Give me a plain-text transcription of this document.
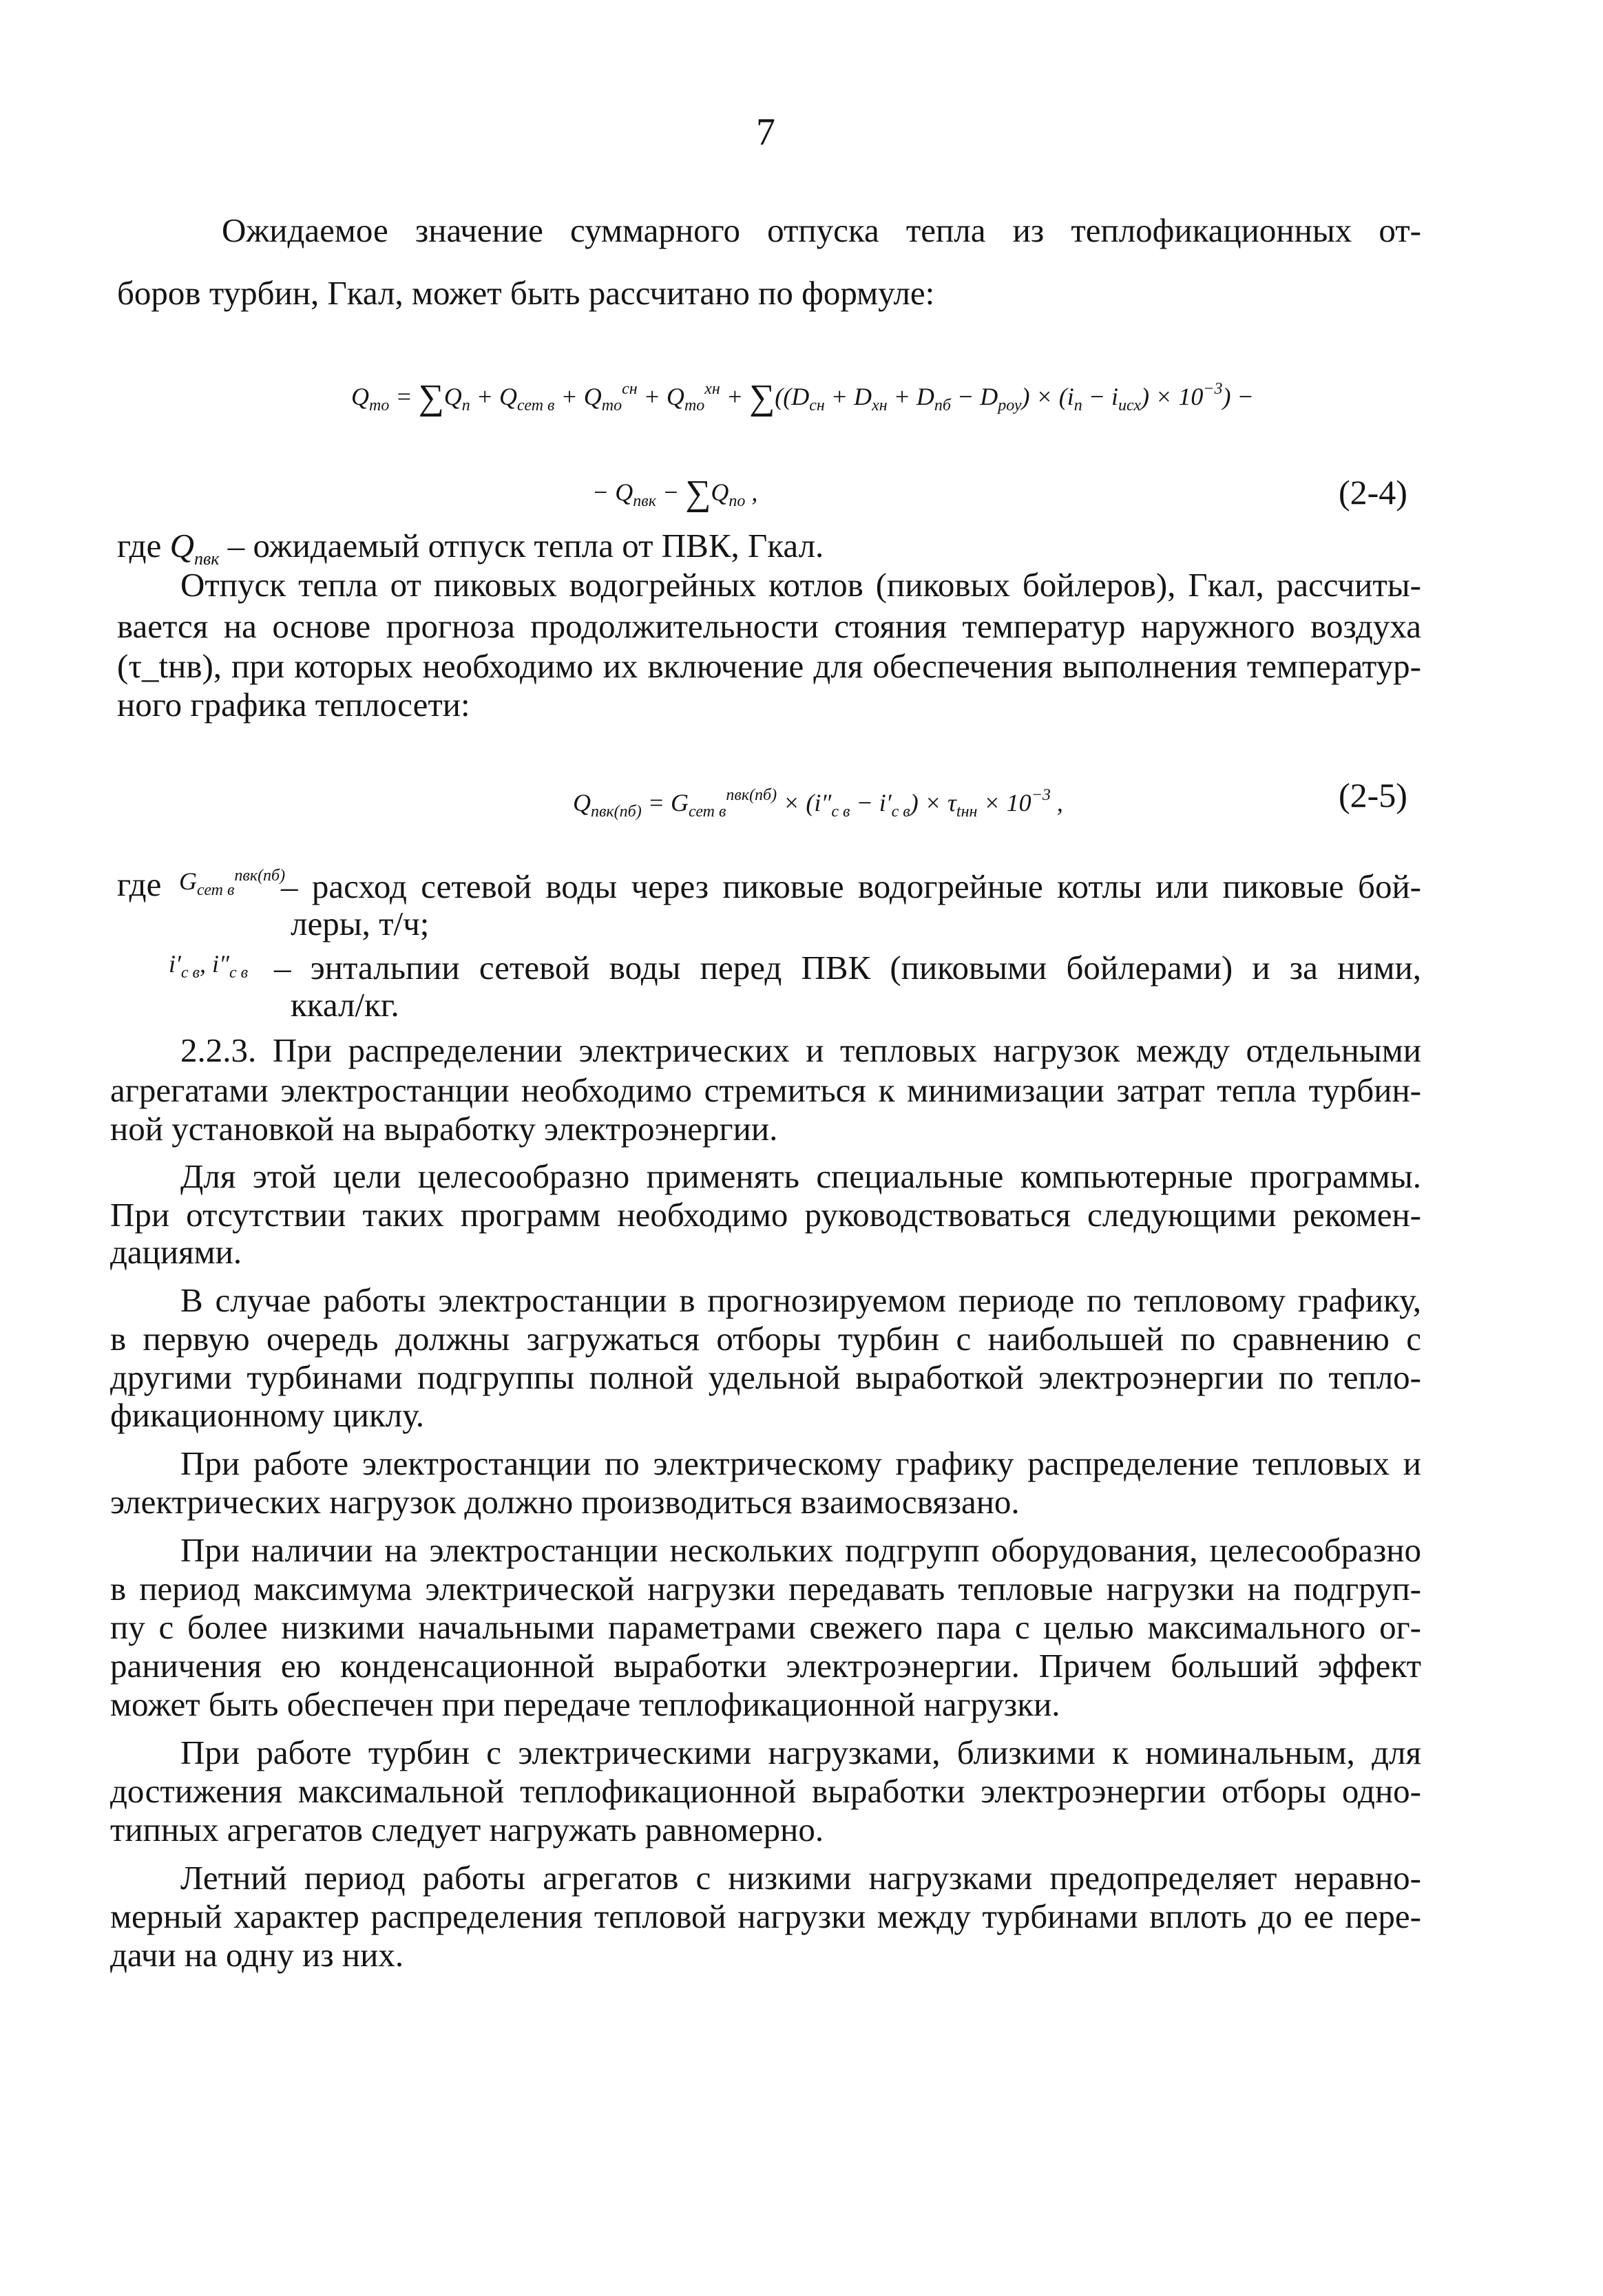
7
Ожидаемое значение суммарного отпуска тепла из теплофикационных от-
боров турбин, Гкал, может быть рассчитано по формуле:
$Q_{то} = \sum Q_п + Q_{сет в} + Q_{то}^{сн} + Q_{то}^{хн} + \sum((D_{сн} + D_{хн} + D_{пб} - D_{роу}) \times (i_п - i_{исх}) \times 10^{-3})$ −
− $Q_{пвк} - \sum Q_{по}$ ,	(2-4)
где $Q_{пвк}$ – ожидаемый отпуск тепла от ПВК, Гкал.
Отпуск тепла от пиковых водогрейных котлов (пиковых бойлеров), Гкал, рассчиты-
вается на основе прогноза продолжительности стояния температур наружного воздуха
(τ_tнв), при которых необходимо их включение для обеспечения выполнения температур-
ного графика теплосети:
$Q_{пвк(пб)} = G_{сет в}^{пвк(пб)} \times (i''_{с в} - i'_{с в}) \times \tau_{tнн} \times 10^{-3}$ ,	(2-5)
где $G_{сет в}^{пвк(пб)}$
– расход сетевой воды через пиковые водогрейные котлы или пиковые бой-
леры, т/ч;
$i'_{с в}$, $i''_{с в}$ – энтальпии сетевой воды перед ПВК (пиковыми бойлерами) и за ними,
ккал/кг.
2.2.3. При распределении электрических и тепловых нагрузок между отдельными
агрегатами электростанции необходимо стремиться к минимизации затрат тепла турбин-
ной установкой на выработку электроэнергии.
Для этой цели целесообразно применять специальные компьютерные программы.
При отсутствии таких программ необходимо руководствоваться следующими рекомен-
дациями.
В случае работы электростанции в прогнозируемом периоде по тепловому графику,
в первую очередь должны загружаться отборы турбин с наибольшей по сравнению с
другими турбинами подгруппы полной удельной выработкой электроэнергии по тепло-
фикационному циклу.
При работе электростанции по электрическому графику распределение тепловых и
электрических нагрузок должно производиться взаимосвязано.
При наличии на электростанции нескольких подгрупп оборудования, целесообразно
в период максимума электрической нагрузки передавать тепловые нагрузки на подгруп-
пу с более низкими начальными параметрами свежего пара с целью максимального ог-
раничения ею конденсационной выработки электроэнергии. Причем больший эффект
может быть обеспечен при передаче теплофикационной нагрузки.
При работе турбин с электрическими нагрузками, близкими к номинальным, для
достижения максимальной теплофикационной выработки электроэнергии отборы одно-
типных агрегатов следует нагружать равномерно.
Летний период работы агрегатов с низкими нагрузками предопределяет неравно-
мерный характер распределения тепловой нагрузки между турбинами вплоть до ее пере-
дачи на одну из них.
